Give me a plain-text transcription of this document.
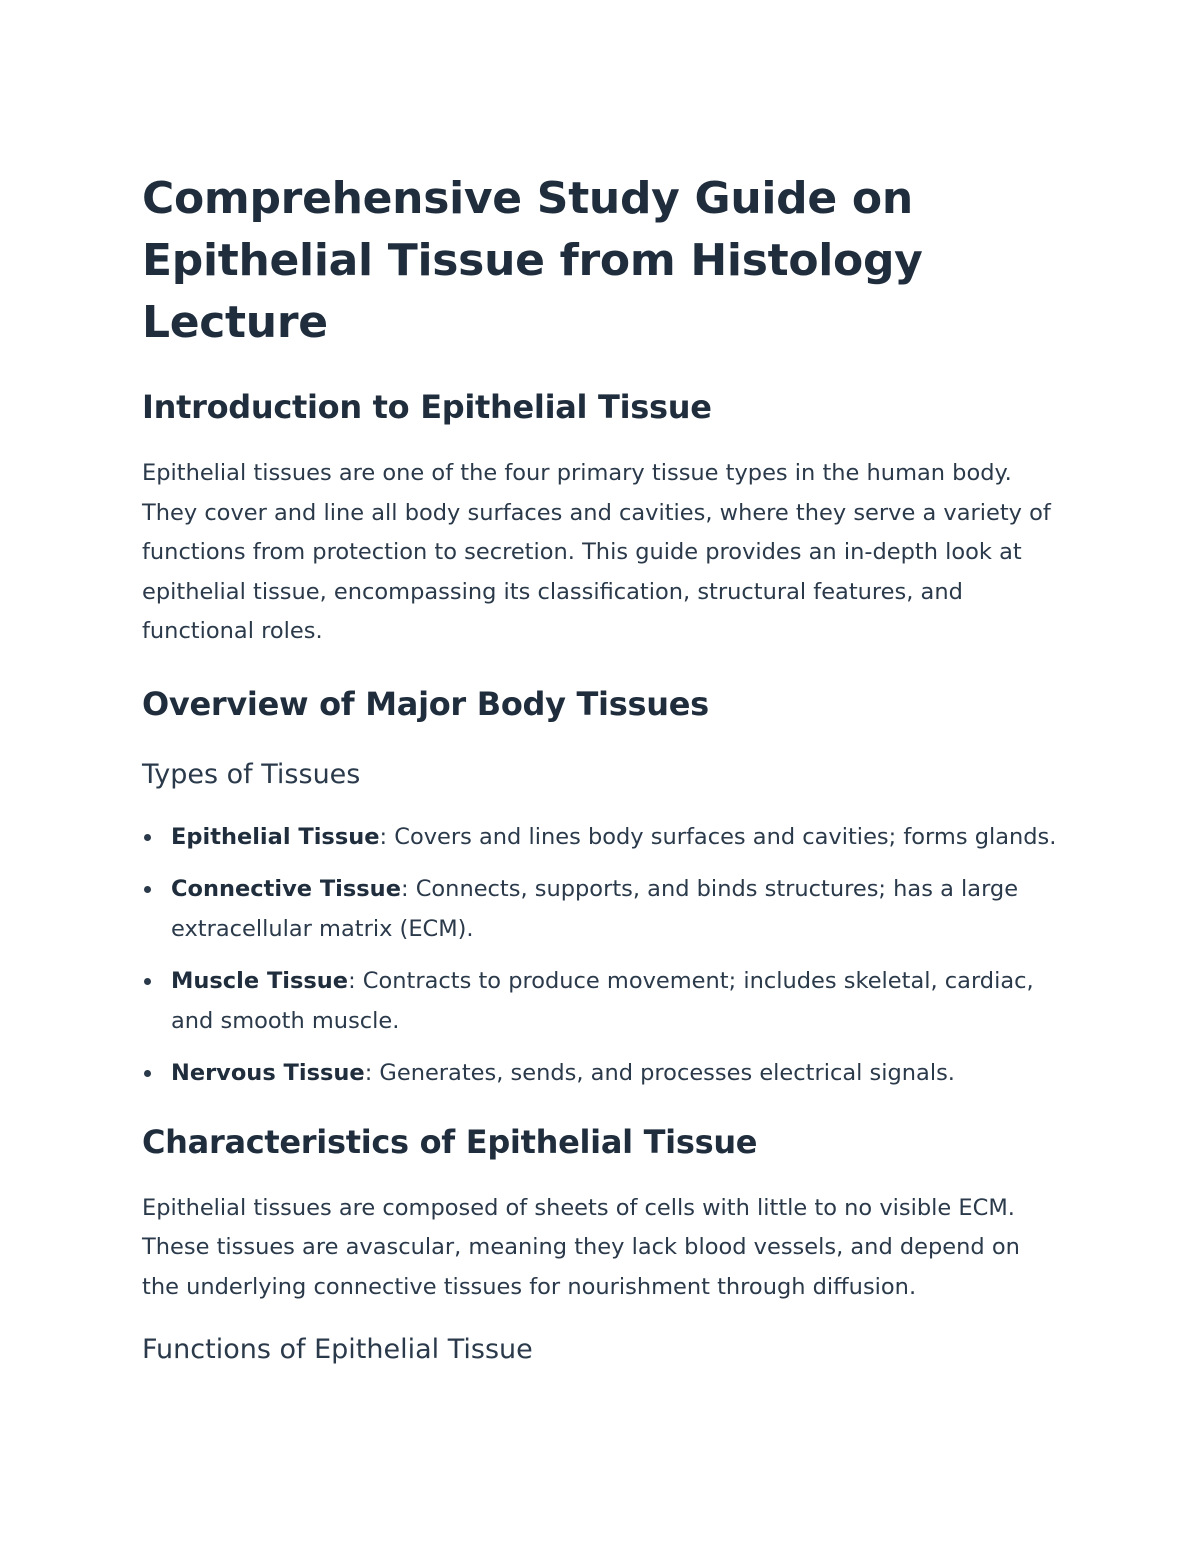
Comprehensive Study Guide on Epithelial Tissue from Histology Lecture
Introduction to Epithelial Tissue

Epithelial tissues are one of the four primary tissue types in the human body. They cover and line all body surfaces and cavities, where they serve a variety of functions from protection to secretion. This guide provides an in-depth look at epithelial tissue, encompassing its classification, structural features, and functional roles.

Overview of Major Body Tissues
Types of Tissues
Epithelial Tissue: Covers and lines body surfaces and cavities; forms glands.
Connective Tissue: Connects, supports, and binds structures; has a large extracellular matrix (ECM).
Muscle Tissue: Contracts to produce movement; includes skeletal, cardiac, and smooth muscle.
Nervous Tissue: Generates, sends, and processes electrical signals.
Characteristics of Epithelial Tissue

Epithelial tissues are composed of sheets of cells with little to no visible ECM. These tissues are avascular, meaning they lack blood vessels, and depend on the underlying connective tissues for nourishment through diffusion.

Functions of Epithelial Tissue
